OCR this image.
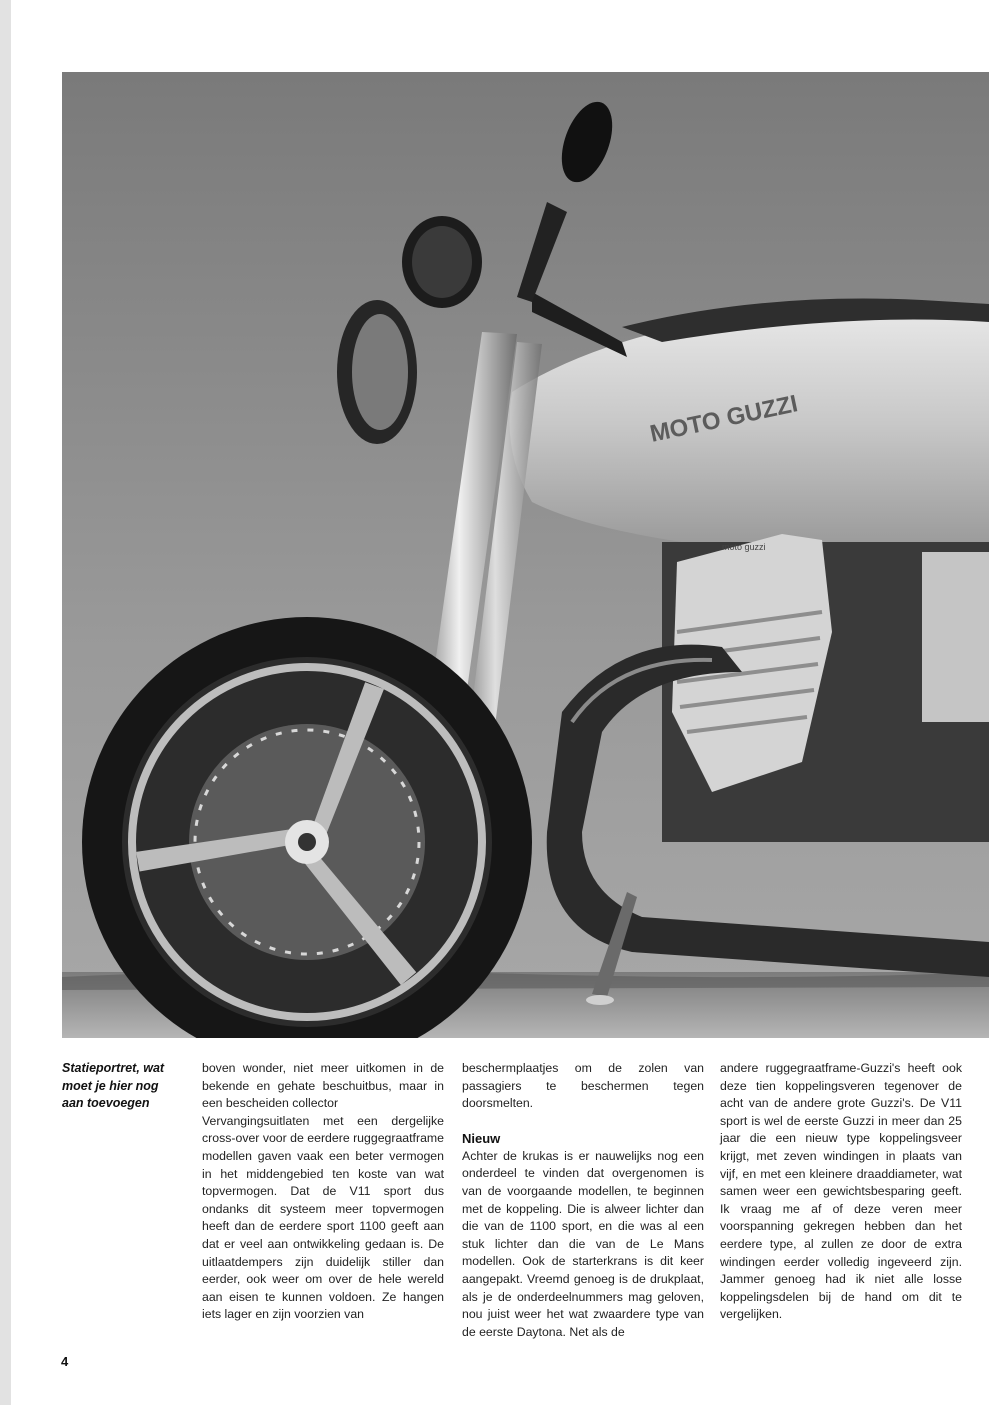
MOTO GUZZI
moto guzzi
Statieportret, wat moet je hier nog aan toevoegen

boven wonder, niet meer uitkomen in de bekende en gehate beschuitbus, maar in een bescheiden collector

Vervangingsuitlaten met een dergelijke cross-over voor de eerdere ruggegraatframe modellen gaven vaak een beter vermogen in het middengebied ten koste van wat topvermogen. Dat de V11 sport dus ondanks dit systeem meer topvermogen heeft dan de eerdere sport 1100 geeft aan dat er veel aan ontwikkeling gedaan is. De uitlaatdempers zijn duidelijk stiller dan eerder, ook weer om over de hele wereld aan eisen te kunnen voldoen. Ze hangen iets lager en zijn voorzien van

beschermplaatjes om de zolen van passagiers te beschermen tegen doorsmelten.

Nieuw

Achter de krukas is er nauwelijks nog een onderdeel te vinden dat overgenomen is van de voorgaande modellen, te beginnen met de koppeling. Die is alweer lichter dan die van de 1100 sport, en die was al een stuk lichter dan die van de Le Mans modellen. Ook de starterkrans is dit keer aangepakt. Vreemd genoeg is de drukplaat, als je de onderdeelnummers mag geloven, nou juist weer het wat zwaardere type van de eerste Daytona. Net als de

andere ruggegraatframe-Guzzi's heeft ook deze tien koppelingsveren tegenover de acht van de andere grote Guzzi's. De V11 sport is wel de eerste Guzzi in meer dan 25 jaar die een nieuw type koppelingsveer krijgt, met zeven windingen in plaats van vijf, en met een kleinere draaddiameter, wat samen weer een gewichtsbesparing geeft. Ik vraag me af of deze veren meer voorspanning gekregen hebben dan het eerdere type, al zullen ze door de extra windingen eerder volledig ingeveerd zijn. Jammer genoeg had ik niet alle losse koppelingsdelen bij de hand om dit te vergelijken.

4
